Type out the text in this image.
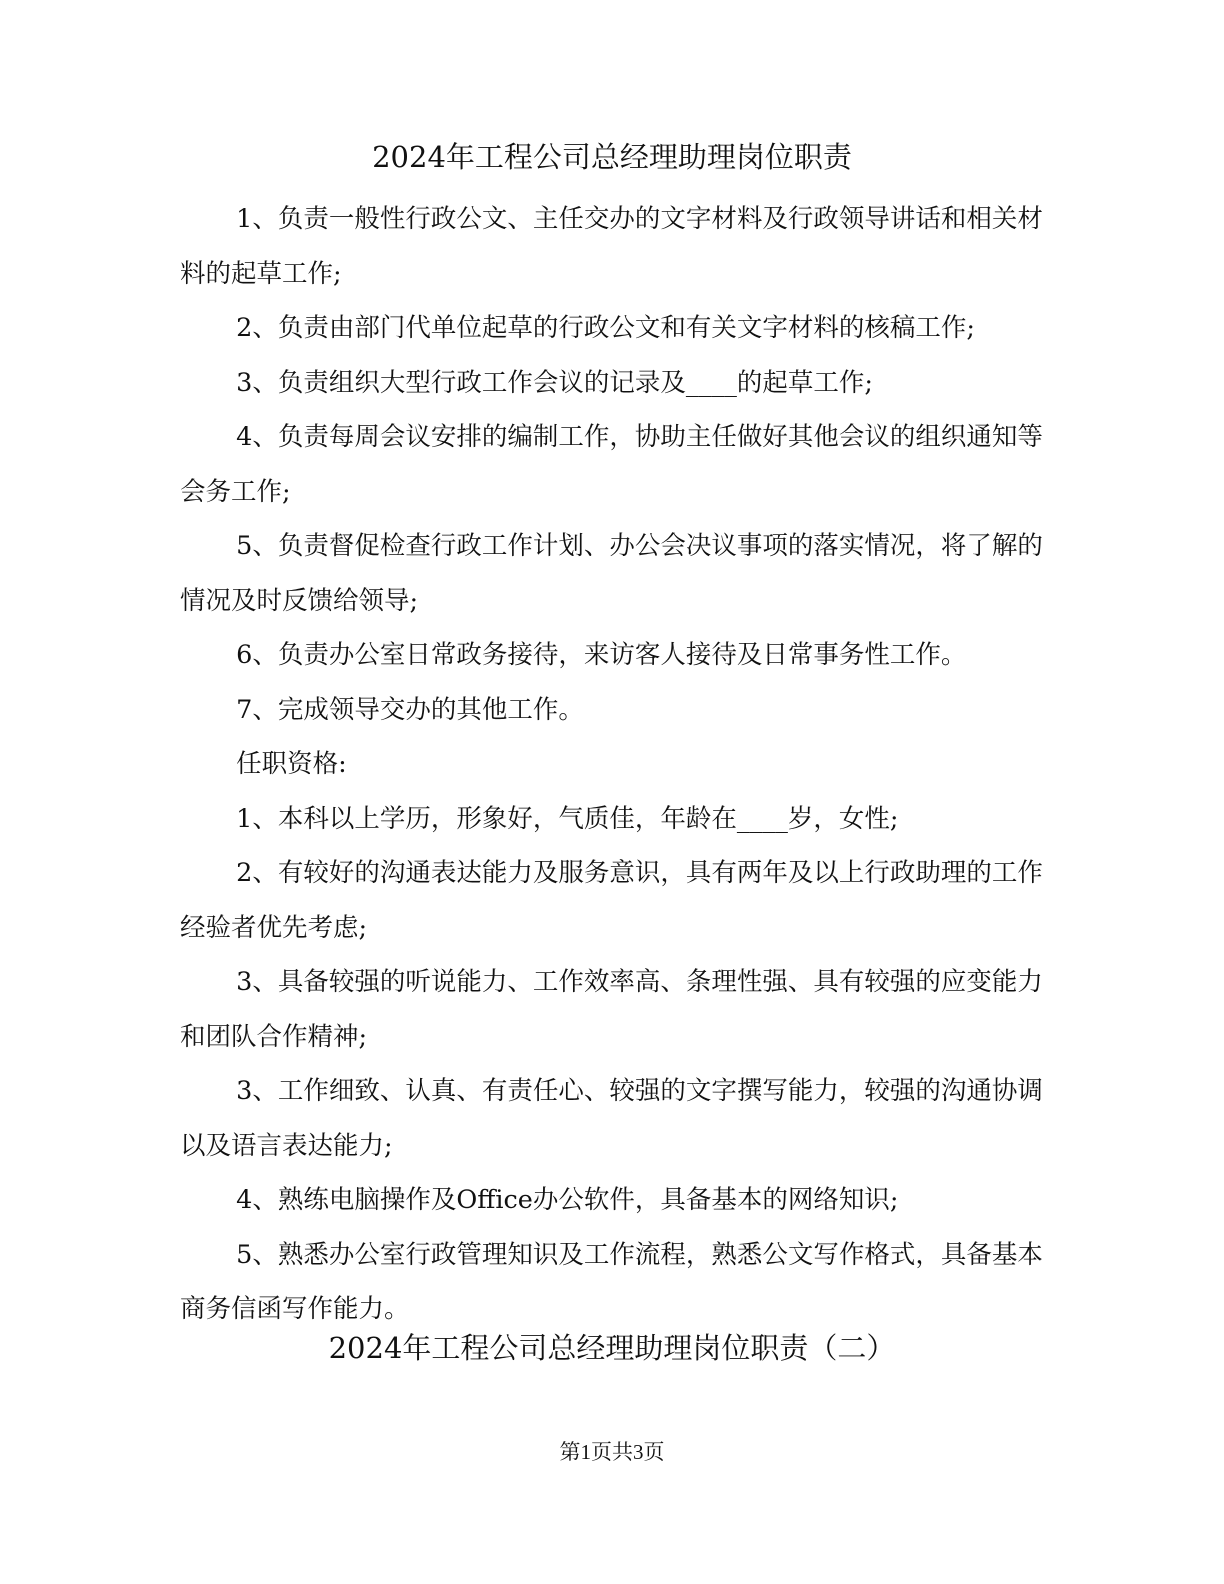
2024年工程公司总经理助理岗位职责

1、负责一般性行政公文、主任交办的文字材料及行政领导讲话和相关材料的起草工作;

2、负责由部门代单位起草的行政公文和有关文字材料的核稿工作;

3、负责组织大型行政工作会议的记录及____的起草工作;

4、负责每周会议安排的编制工作，协助主任做好其他会议的组织通知等会务工作;

5、负责督促检查行政工作计划、办公会决议事项的落实情况，将了解的情况及时反馈给领导;

6、负责办公室日常政务接待，来访客人接待及日常事务性工作。

7、完成领导交办的其他工作。

任职资格:

1、本科以上学历，形象好，气质佳，年龄在____岁，女性;

2、有较好的沟通表达能力及服务意识，具有两年及以上行政助理的工作经验者优先考虑;

3、具备较强的听说能力、工作效率高、条理性强、具有较强的应变能力和团队合作精神;

3、工作细致、认真、有责任心、较强的文字撰写能力，较强的沟通协调以及语言表达能力;

4、熟练电脑操作及Office办公软件，具备基本的网络知识;

5、熟悉办公室行政管理知识及工作流程，熟悉公文写作格式，具备基本商务信函写作能力。

2024年工程公司总经理助理岗位职责（二）
第1页共3页
